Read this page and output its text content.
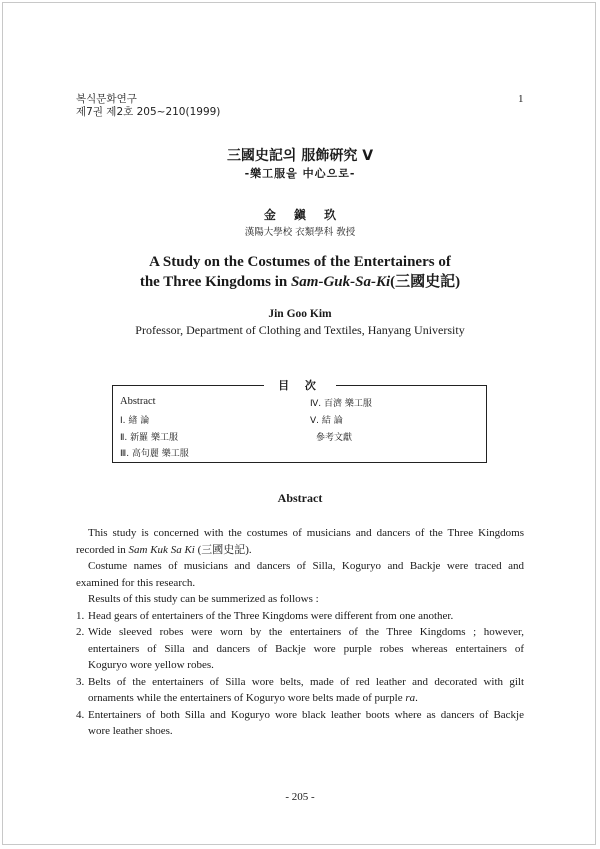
복식문화연구
제7권 제2호 205~210(1999)
1
三國史記의 服飾硏究 Ⅴ
-樂工服을 中心으로-
金 鎭 玖
漢陽大學校 衣類學科 敎授
A Study on the Costumes of the Entertainers of
the Three Kingdoms in Sam-Guk-Sa-Ki(三國史記)
Jin Goo Kim
Professor, Department of Clothing and Textiles, Hanyang University
目 次
Abstract
Ⅰ. 緖 論
Ⅱ. 新羅 樂工服
Ⅲ. 高句麗 樂工服
Ⅳ. 百濟 樂工服
Ⅴ. 結 論
參考文獻
Abstract

This study is concerned with the costumes of musicians and dancers of the Three Kingdoms

recorded in Sam Kuk Sa Ki (三國史記).

Costume names of musicians and dancers of Silla, Koguryo and Backje were traced and

examined for this research.

Results of this study can be summerized as follows :

1. Head gears of entertainers of the Three Kingdoms were different from one another.
2. Wide sleeved robes were worn by the entertainers of the Three Kingdoms ; however,
entertainers of Silla and dancers of Backje wore purple robes whereas entertainers of
Koguryo wore yellow robes.
3. Belts of the entertainers of Silla wore belts, made of red leather and decorated with gilt
ornaments while the entertainers of Koguryo wore belts made of purple ra.
4. Entertainers of both Silla and Koguryo wore black leather boots where as dancers of Backje
wore leather shoes.
- 205 -
